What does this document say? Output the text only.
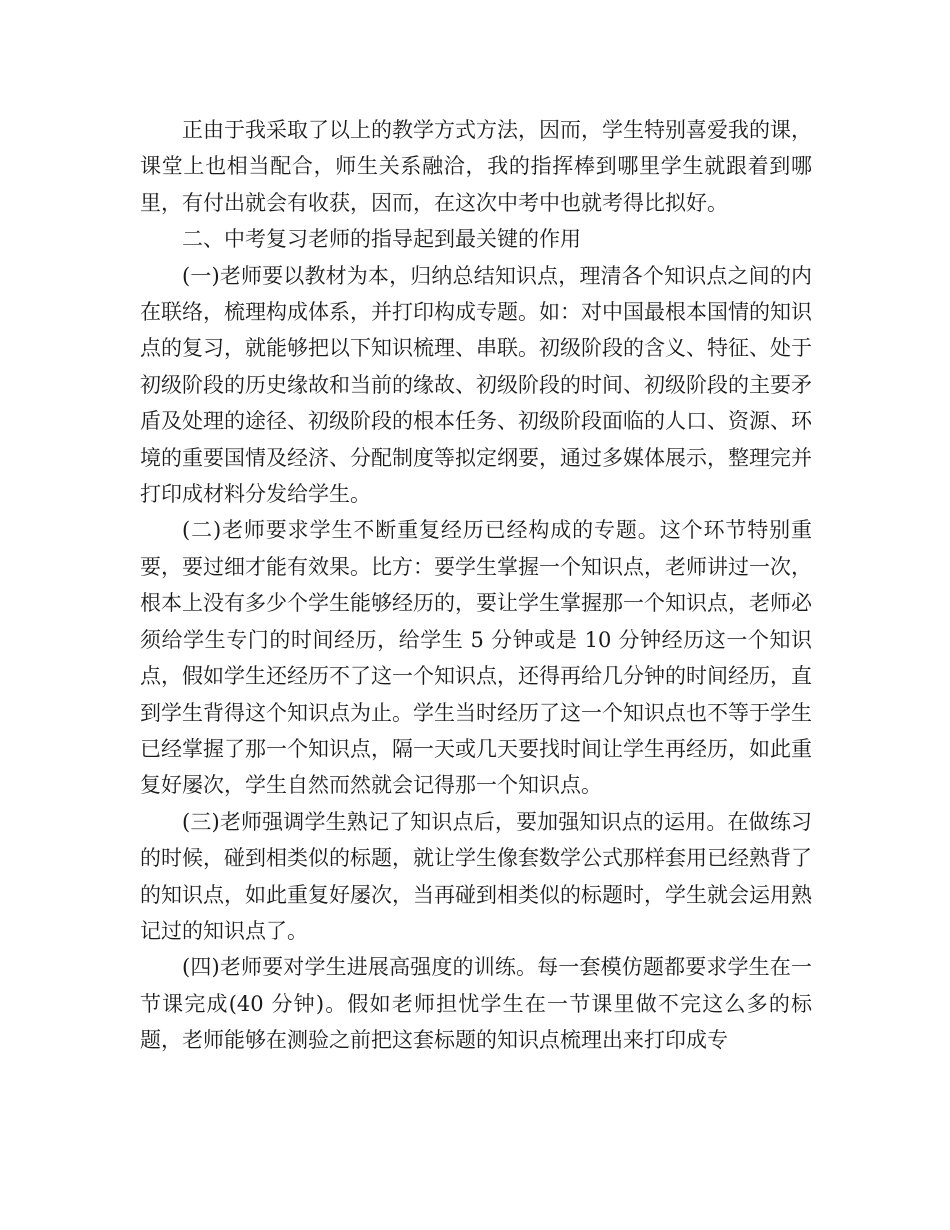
正由于我采取了以上的教学方式方法，因而，学生特别喜爱我的课，课堂上也相当配合，师生关系融洽，我的指挥棒到哪里学生就跟着到哪里，有付出就会有收获，因而，在这次中考中也就考得比拟好。

二、中考复习老师的指导起到最关键的作用

(一)老师要以教材为本，归纳总结知识点，理清各个知识点之间的内在联络，梳理构成体系，并打印构成专题。如：对中国最根本国情的知识点的复习，就能够把以下知识梳理、串联。初级阶段的含义、特征、处于初级阶段的历史缘故和当前的缘故、初级阶段的时间、初级阶段的主要矛盾及处理的途径、初级阶段的根本任务、初级阶段面临的人口、资源、环境的重要国情及经济、分配制度等拟定纲要，通过多媒体展示，整理完并打印成材料分发给学生。

(二)老师要求学生不断重复经历已经构成的专题。这个环节特别重要，要过细才能有效果。比方：要学生掌握一个知识点，老师讲过一次，根本上没有多少个学生能够经历的，要让学生掌握那一个知识点，老师必须给学生专门的时间经历，给学生 5 分钟或是 10 分钟经历这一个知识点，假如学生还经历不了这一个知识点，还得再给几分钟的时间经历，直到学生背得这个知识点为止。学生当时经历了这一个知识点也不等于学生已经掌握了那一个知识点，隔一天或几天要找时间让学生再经历，如此重复好屡次，学生自然而然就会记得那一个知识点。

(三)老师强调学生熟记了知识点后，要加强知识点的运用。在做练习的时候，碰到相类似的标题，就让学生像套数学公式那样套用已经熟背了的知识点，如此重复好屡次，当再碰到相类似的标题时，学生就会运用熟记过的知识点了。

(四)老师要对学生进展高强度的训练。每一套模仿题都要求学生在一节课完成(40 分钟)。假如老师担忧学生在一节课里做不完这么多的标题，老师能够在测验之前把这套标题的知识点梳理出来打印成专
